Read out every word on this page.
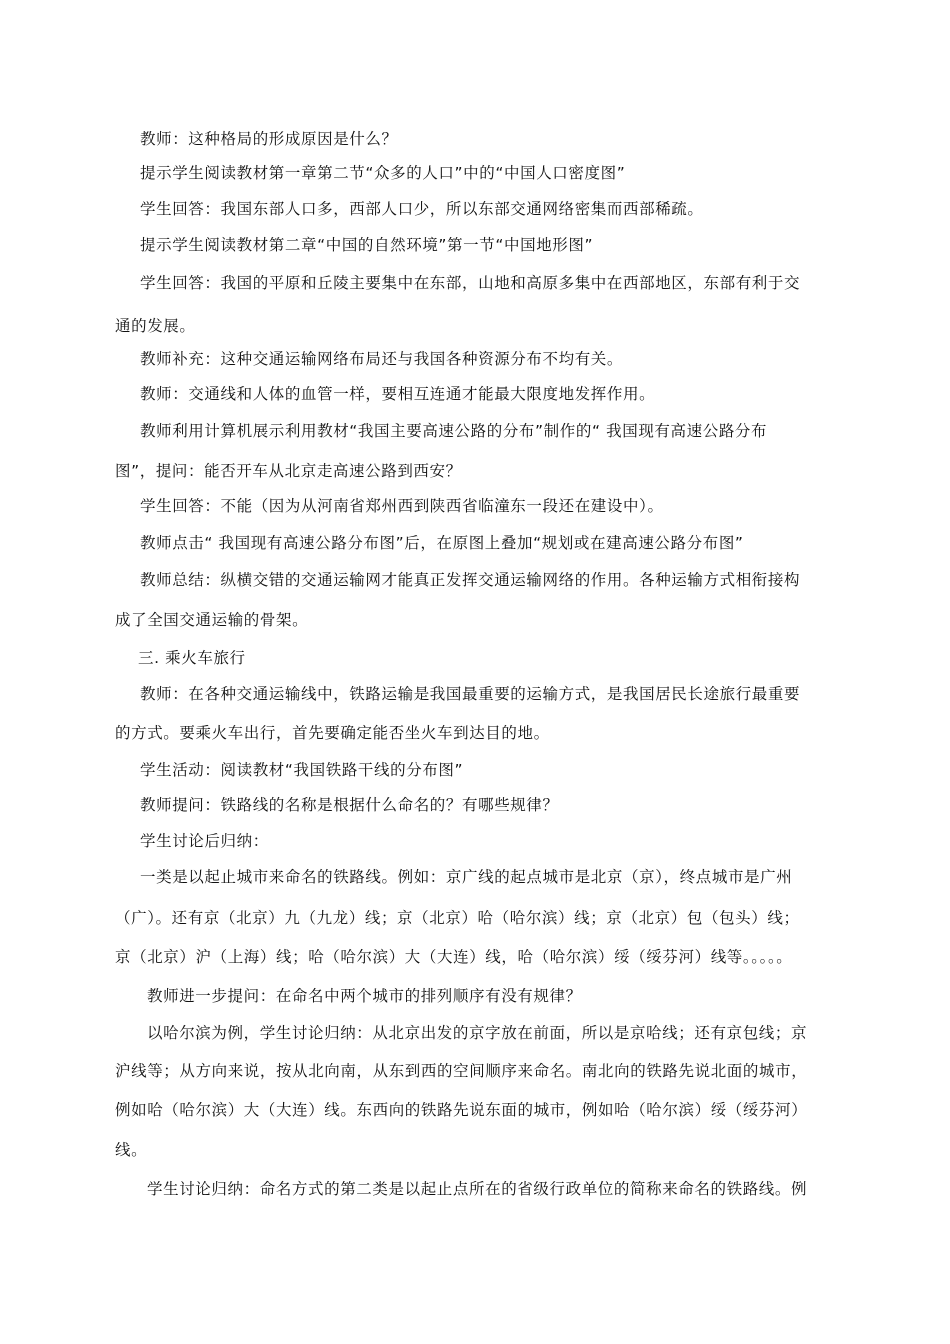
教师：这种格局的形成原因是什么？
提示学生阅读教材第一章第二节“众多的人口”中的“中国人口密度图”
学生回答：我国东部人口多，西部人口少，所以东部交通网络密集而西部稀疏。
提示学生阅读教材第二章“中国的自然环境”第一节“中国地形图”
学生回答：我国的平原和丘陵主要集中在东部，山地和高原多集中在西部地区，东部有利于交
通的发展。
教师补充：这种交通运输网络布局还与我国各种资源分布不均有关。
教师：交通线和人体的血管一样，要相互连通才能最大限度地发挥作用。
教师利用计算机展示利用教材“我国主要高速公路的分布”制作的“ 我国现有高速公路分布
图”，提问：能否开车从北京走高速公路到西安？
学生回答：不能（因为从河南省郑州西到陕西省临潼东一段还在建设中）。
教师点击“ 我国现有高速公路分布图”后，在原图上叠加“规划或在建高速公路分布图”
教师总结：纵横交错的交通运输网才能真正发挥交通运输网络的作用。各种运输方式相衔接构
成了全国交通运输的骨架。
三. 乘火车旅行
教师：在各种交通运输线中，铁路运输是我国最重要的运输方式，是我国居民长途旅行最重要
的方式。要乘火车出行，首先要确定能否坐火车到达目的地。
学生活动：阅读教材“我国铁路干线的分布图”
教师提问：铁路线的名称是根据什么命名的？有哪些规律？
学生讨论后归纳：
一类是以起止城市来命名的铁路线。例如：京广线的起点城市是北京（京），终点城市是广州
（广）。还有京（北京）九（九龙）线；京（北京）哈（哈尔滨）线；京（北京）包（包头）线；
京（北京）沪（上海）线；哈（哈尔滨）大（大连）线，哈（哈尔滨）绥（绥芬河）线等。。。。。
教师进一步提问：在命名中两个城市的排列顺序有没有规律？
以哈尔滨为例，学生讨论归纳：从北京出发的京字放在前面，所以是京哈线；还有京包线；京
沪线等；从方向来说，按从北向南，从东到西的空间顺序来命名。南北向的铁路先说北面的城市，
例如哈（哈尔滨）大（大连）线。东西向的铁路先说东面的城市，例如哈（哈尔滨）绥（绥芬河）
线。
学生讨论归纳：命名方式的第二类是以起止点所在的省级行政单位的简称来命名的铁路线。例
